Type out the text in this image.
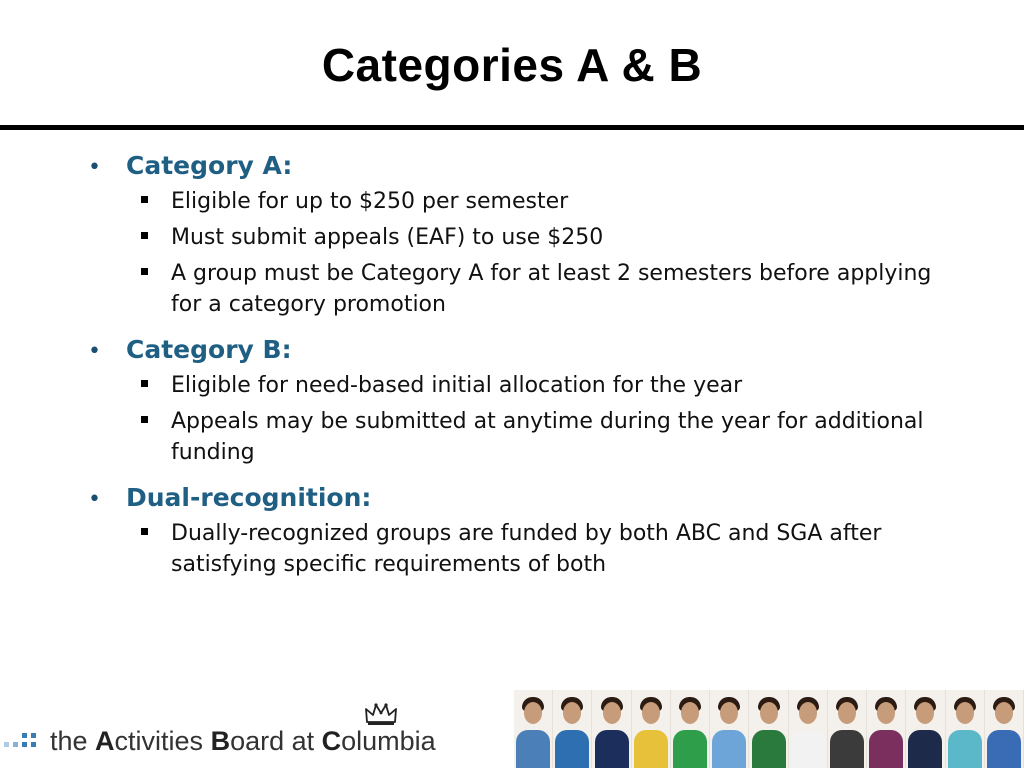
Categories A & B
•	Category A:
Eligible for up to $250 per semester
Must submit appeals (EAF) to use $250
A group must be Category A for at least 2 semesters before applying for a category promotion
•	Category B:
Eligible for need-based initial allocation for the year
Appeals may be submitted at anytime during the year for additional funding
•	Dual-recognition:
Dually-recognized groups are funded by both ABC and SGA after satisfying specific requirements of both
the Activities Board at Columbia
